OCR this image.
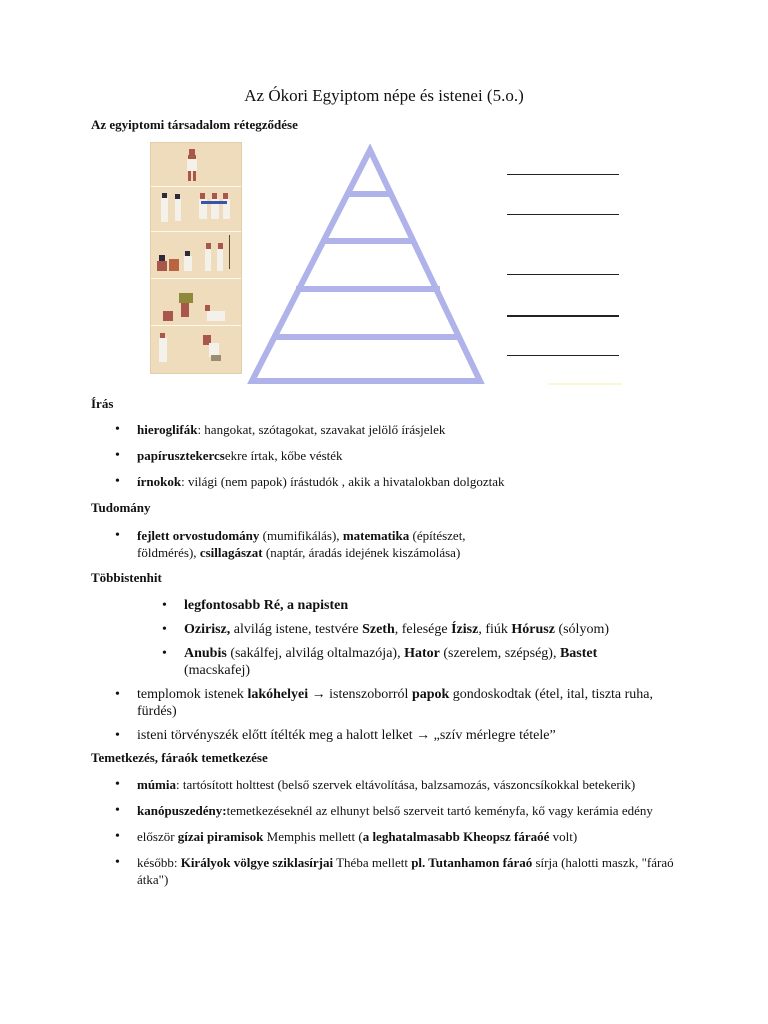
Az Ókori Egyiptom népe és istenei (5.o.)
Az egyiptomi társadalom rétegződése
Írás
• hieroglifák: hangokat, szótagokat, szavakat jelölő írásjelek
• papírusztekercsekre írtak, kőbe vésték
• írnokok: világi (nem papok) írástudók , akik a hivatalokban dolgoztak
Tudomány
• fejlett orvostudomány (mumifikálás), matematika (építészet, földmérés), csillagászat (naptár, áradás idejének kiszámolása)
Többistenhit
• legfontosabb Ré, a napisten
• Ozirisz, alvilág istene, testvére Szeth, felesége Ízisz, fiúk Hórusz (sólyom)
• Anubis (sakálfej, alvilág oltalmazója), Hator (szerelem, szépség), Bastet (macskafej)
• templomok istenek lakóhelyei → istenszoborról papok gondoskodtak (étel, ital, tiszta ruha, fürdés)
• isteni törvényszék előtt ítélték meg a halott lelket → „szív mérlegre tétele”
Temetkezés, fáraók temetkezése
• múmia: tartósított holttest (belső szervek eltávolítása, balzsamozás, vászoncsíkokkal betekerik)
• kanópuszedény:temetkezéseknél az elhunyt belső szerveit tartó keményfa, kő vagy kerámia edény
• először gízai piramisok Memphis mellett (a leghatalmasabb Kheopsz fáraóé volt)
• később: Királyok völgye sziklasírjai Théba mellett pl. Tutanhamon fáraó sírja (halotti maszk, "fáraó átka")
